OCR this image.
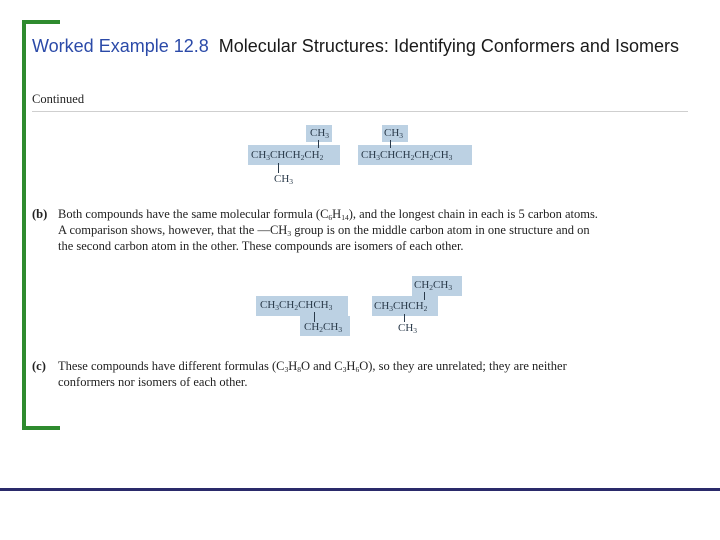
Worked Example 12.8 Molecular Structures: Identifying Conformers and Isomers
Continued
$CH_3$
$CH_3CHCH_2CH_2$
$CH_3$
$CH_3$
$CH_3CHCH_2CH_2CH_3$
(b) Both compounds have the same molecular formula $(C_6H_{14})$, and the longest chain in each is 5 carbon atoms.
A comparison shows, however, that the $—CH_3$ group is on the middle carbon atom in one structure and on
the second carbon atom in the other. These compounds are isomers of each other.
$CH_3CH_2CHCH_3$
$CH_2CH_3$
$CH_2CH_3$
$CH_3CHCH_2$
$CH_3$
(c) These compounds have different formulas ($C_3H_8O$ and $C_3H_6O$), so they are unrelated; they are neither
conformers nor isomers of each other.
